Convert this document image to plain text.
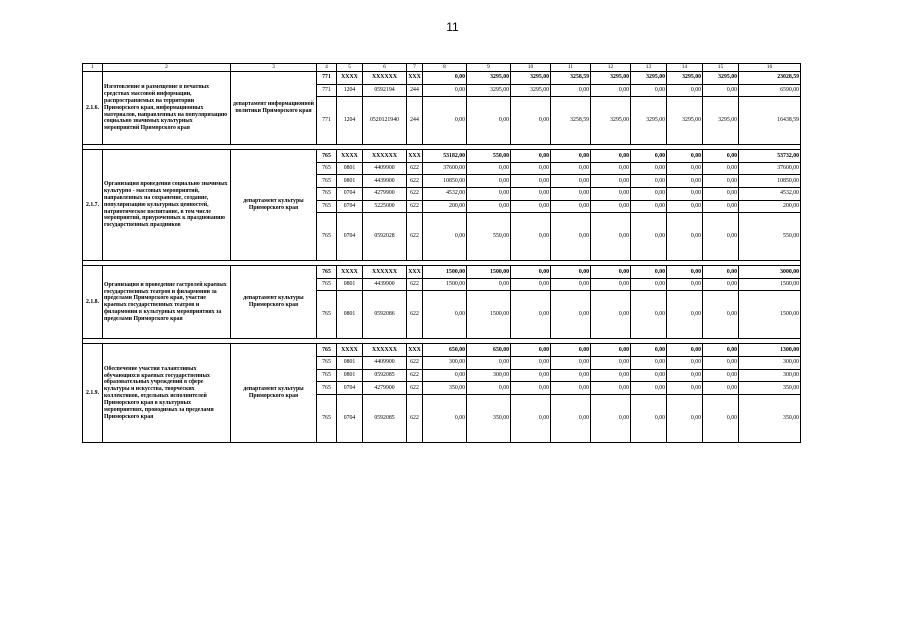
11
1	2	3	4	5	6	7	8	9	10	11	12	13	14	15	16
2.1.6.	Изготовление и размещение в печатных средствах массовой информации, распространяемых на территории Приморского края, информационных материалов, направленных на популяризацию социально значимых культурных мероприятий Приморского края	департамент информационной политики Приморского края	771	XXXX	XXXXXX	XXX	0,00	3295,00	3295,00	3258,59	3295,00	3295,00	3295,00	3295,00	23028,59
			771	1204	0592194	244	0,00	3295,00	3295,00	0,00	0,00	0,00	0,00	0,00	6590,00
			771	1204	0520121940	244	0,00	0,00	0,00	3258,59	3295,00	3295,00	3295,00	3295,00	16438,59

2.1.7.	Организация проведения социально значимых культурно - массовых мероприятий, направленных на сохранение, создание, популяризацию культурных ценностей, патриотическое воспитание, в том числе мероприятий, приуроченных к празднованию государственных праздников	департамент культуры Приморского края	765	XXXX	XXXXXX	XXX	53182,00	550,00	0,00	0,00	0,00	0,00	0,00	0,00	53732,00
			765	0801	4409900	622	37600,00	0,00	0,00	0,00	0,00	0,00	0,00	0,00	37600,00
			765	0801	4439900	622	10850,00	0,00	0,00	0,00	0,00	0,00	0,00	0,00	10850,00
			765	0704	4279900	622	4532,00	0,00	0,00	0,00	0,00	0,00	0,00	0,00	4532,00
			765	0704	5225000	622	200,00	0,00	0,00	0,00	0,00	0,00	0,00	0,00	200,00
			765	0704	0592028	622	0,00	550,00	0,00	0,00	0,00	0,00	0,00	0,00	550,00

2.1.8.	Организация и проведение гастролей краевых государственных театров и филармонии за пределами Приморского края, участие краевых государственных театров и филармонии в культурных мероприятиях за пределами Приморского края	департамент культуры Приморского края	765	XXXX	XXXXXX	XXX	1500,00	1500,00	0,00	0,00	0,00	0,00	0,00	0,00	3000,00
			765	0801	4439900	622	1500,00	0,00	0,00	0,00	0,00	0,00	0,00	0,00	1500,00
			765	0801	0592086	622	0,00	1500,00	0,00	0,00	0,00	0,00	0,00	0,00	1500,00

2.1.9.	Обеспечение участия талантливых обучающихся краевых государственных образовательных учреждений в сфере культуры и искусства, творческих коллективов, отдельных исполнителей Приморского края в культурных мероприятиях, проводимых за пределами Приморского края	департамент культуры Приморского края	765	XXXX	XXXXXX	XXX	650,00	650,00	0,00	0,00	0,00	0,00	0,00	0,00	1300,00
			765	0801	4409900	622	300,00	0,00	0,00	0,00	0,00	0,00	0,00	0,00	300,00
			765	0801	0592085	622	0,00	300,00	0,00	0,00	0,00	0,00	0,00	0,00	300,00
			765	0704	4279900	622	350,00	0,00	0,00	0,00	0,00	0,00	0,00	0,00	350,00
			765	0704	0592085	622	0,00	350,00	0,00	0,00	0,00	0,00	0,00	0,00	350,00
